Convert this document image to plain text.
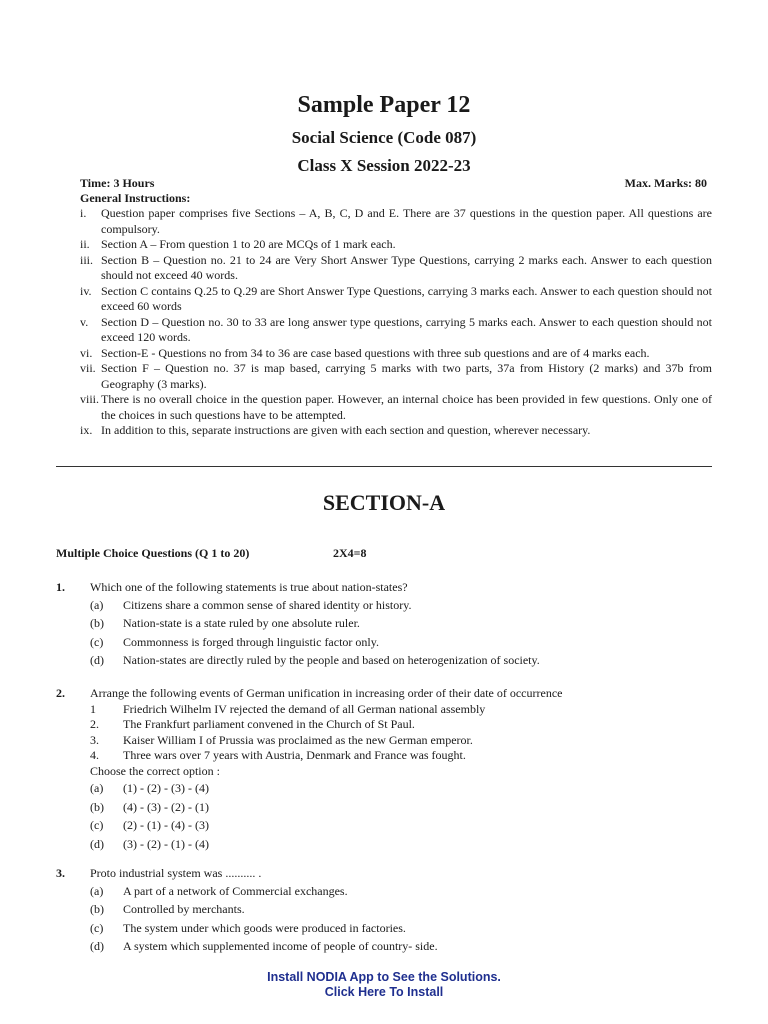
Sample Paper 12
Social Science (Code 087)
Class X Session 2022-23
Time: 3 Hours	Max. Marks: 80
General Instructions:
i.	Question paper comprises five Sections – A, B, C, D and E. There are 37 questions in the question paper. All questions are compulsory.
ii. Section A – From question 1 to 20 are MCQs of 1 mark each.
iii. Section B – Question no. 21 to 24 are Very Short Answer Type Questions, carrying 2 marks each. Answer to each question should not exceed 40 words.
iv. Section C contains Q.25 to Q.29 are Short Answer Type Questions, carrying 3 marks each. Answer to each question should not exceed 60 words
v.	Section D – Question no. 30 to 33 are long answer type questions, carrying 5 marks each. Answer to each question should not exceed 120 words.
vi. Section-E - Questions no from 34 to 36 are case based questions with three sub questions and are of 4 marks each.
vii. Section F – Question no. 37 is map based, carrying 5 marks with two parts, 37a from History (2 marks) and 37b from Geography (3 marks).
viii. There is no overall choice in the question paper. However, an internal choice has been provided in few questions. Only one of the choices in such questions have to be attempted.
ix. In addition to this, separate instructions are given with each section and question, wherever necessary.
SECTION-A
Multiple Choice Questions (Q 1 to 20)	2X4=8
1.	Which one of the following statements is true about nation-states?
(a)	Citizens share a common sense of shared identity or history.
(b)	Nation-state is a state ruled by one absolute ruler.
(c)	Commonness is forged through linguistic factor only.
(d)	Nation-states are directly ruled by the people and based on heterogenization of society.
2.	Arrange the following events of German unification in increasing order of their date of occurrence
1	Friedrich Wilhelm IV rejected the demand of all German national assembly
2.	The Frankfurt parliament convened in the Church of St Paul.
3.	Kaiser William I of Prussia was proclaimed as the new German emperor.
4.	Three wars over 7 years with Austria, Denmark and France was fought.
Choose the correct option :
(a)	(1) - (2) - (3) - (4)
(b)	(4) - (3) - (2) - (1)
(c)	(2) - (1) - (4) - (3)
(d)	(3) - (2) - (1) - (4)
3.	Proto industrial system was .......... .
(a)	A part of a network of Commercial exchanges.
(b)	Controlled by merchants.
(c)	The system under which goods were produced in factories.
(d)	A system which supplemented income of people of country- side.
Install NODIA App to See the Solutions.
Click Here To Install
